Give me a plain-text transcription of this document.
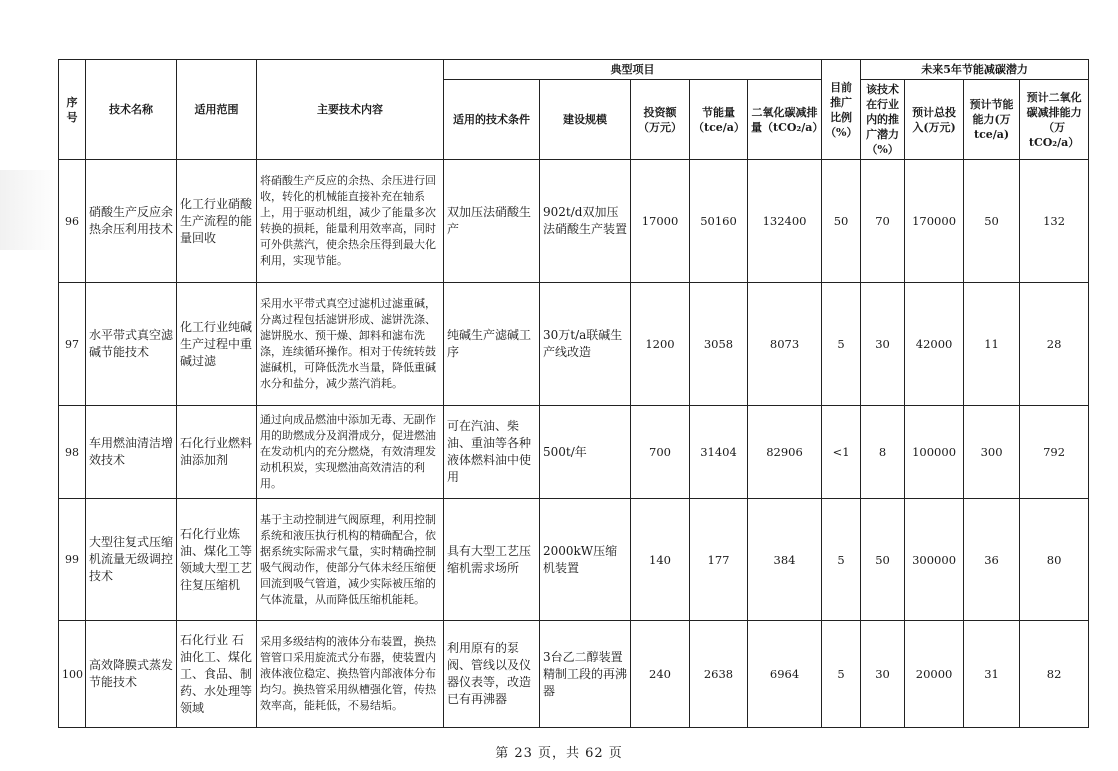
序号	技术名称	适用范围	主要技术内容	典型项目					目前推广比例（%）	未来5年节能减碳潜力			
				适用的技术条件	建设规模	投资额（万元）	节能量（tce/a）	二氧化碳减排量（tCO₂/a）		该技术在行业内的推广潜力（%）	预计总投入(万元)	预计节能能力(万tce/a)	预计二氧化碳减排能力（万tCO₂/a）
96	硝酸生产反应余热余压利用技术	化工行业硝酸生产流程的能量回收	将硝酸生产反应的余热、余压进行回收，转化的机械能直接补充在轴系上，用于驱动机组，减少了能量多次转换的损耗，能量利用效率高，同时可外供蒸汽，使余热余压得到最大化利用，实现节能。	双加压法硝酸生产	902t/d双加压法硝酸生产装置	17000	50160	132400	50	70	170000	50	132
97	水平带式真空滤碱节能技术	化工行业纯碱生产过程中重碱过滤	采用水平带式真空过滤机过滤重碱，分离过程包括滤饼形成、滤饼洗涤、滤饼脱水、预干燥、卸料和滤布洗涤，连续循环操作。相对于传统转鼓滤碱机，可降低洗水当量，降低重碱水分和盐分，减少蒸汽消耗。	纯碱生产滤碱工序	30万t/a联碱生产线改造	1200	3058	8073	5	30	42000	11	28
98	车用燃油清洁增效技术	石化行业燃料油添加剂	通过向成品燃油中添加无毒、无副作用的助燃成分及润滑成分，促进燃油在发动机内的充分燃烧，有效清理发动机积炭，实现燃油高效清洁的利用。	可在汽油、柴油、重油等各种液体燃料油中使用	500t/年	700	31404	82906	<1	8	100000	300	792
99	大型往复式压缩机流量无级调控技术	石化行业炼油、煤化工等领域大型工艺往复压缩机	基于主动控制进气阀原理，利用控制系统和液压执行机构的精确配合，依据系统实际需求气量，实时精确控制吸气阀动作，使部分气体未经压缩便回流到吸气管道，减少实际被压缩的气体流量，从而降低压缩机能耗。	具有大型工艺压缩机需求场所	2000kW压缩机装置	140	177	384	5	50	300000	36	80
100	高效降膜式蒸发节能技术	石化行业 石油化工、煤化工、食品、制药、水处理等领域	采用多级结构的液体分布装置，换热管管口采用旋流式分布器，使装置内液体液位稳定、换热管内部液体分布均匀。换热管采用纵槽强化管，传热效率高，能耗低，不易结垢。	利用原有的泵阀、管线以及仪器仪表等，改造已有再沸器	3台乙二醇装置精制工段的再沸器	240	2638	6964	5	30	20000	31	82
第 23 页，共 62 页
